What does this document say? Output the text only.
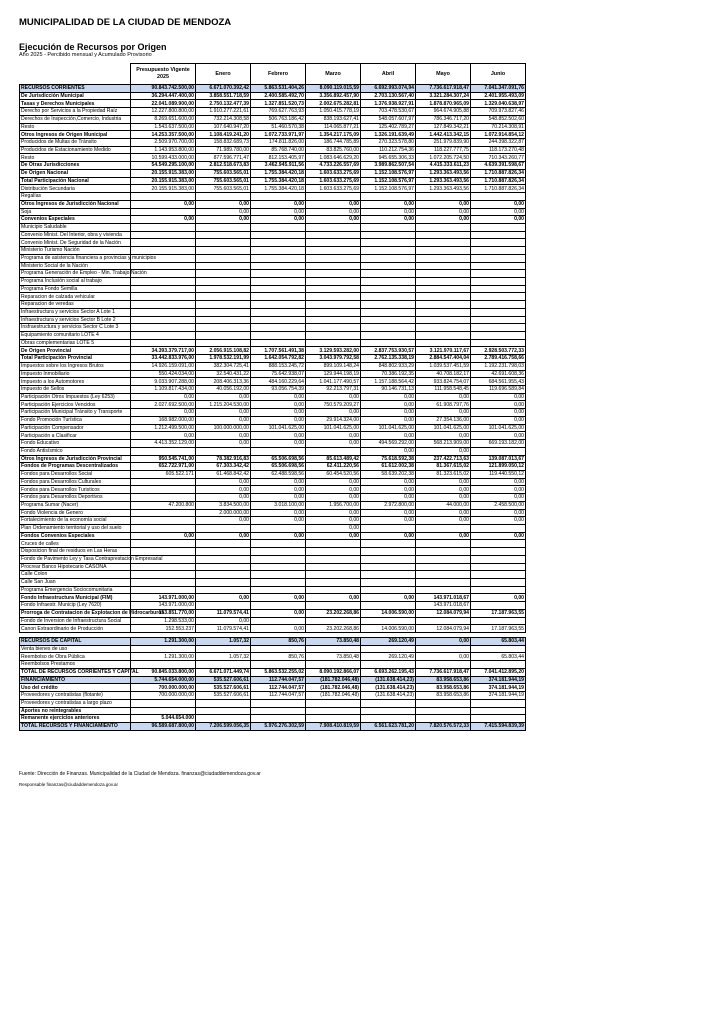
MUNICIPALIDAD DE LA CIUDAD DE MENDOZA
Ejecución de Recursos por Origen
Año 2025 - Percibido mensual y Acumulado Provisorio
	Presupuesto Vigente 2025	Enero	Febrero	Marzo	Abril	Mayo	Junio
RECURSOS CORRIENTES	90.843.742.500,00	6.671.070.392,42	5.863.531.404,26	8.090.119.015,59	6.692.993.074,94	7.736.617.918,47	7.041.347.091,76
De Jurisdicción Municipal	36.294.447.400,00	3.858.551.718,59	2.400.585.492,70	3.356.892.457,90	2.703.130.567,40	3.321.284.307,24	2.401.955.493,09
Tasas y Derechos Municipales	22.041.089.900,00	2.750.132.477,39	1.327.851.520,73	2.002.675.282,81	1.376.938.927,91	1.878.870.965,09	1.329.040.638,97
Derecho por Servicios a la Propiedad Raíz	12.227.800.800,00	1.910.277.221,61	769.627.763,93	1.050.415.778,19	703.478.530,67	964.674.905,88	709.973.827,46
Derechos de Inspección,Comercio, Industria	8.269.651.600,00	732.214.308,58	506.763.186,42	838.193.627,41	548.057.607,97	786.346.717,20	548.852.502,60
Resto	1.543.637.500,00	107.640.947,20	51.460.570,38	114.065.877,21	125.402.789,27	127.849.342,21	70.214.308,91
Otros Ingresos de Origen Municipal	14.253.357.500,00	1.108.419.241,20	1.072.733.971,97	1.354.217.175,09	1.326.191.639,49	1.442.413.342,15	1.072.914.854,12
Producidos de Multas de Tránsito	2.509.970.700,00	158.832.689,73	174.811.826,00	186.744.785,89	270.323.578,80	251.979.839,90	244.398.322,87
Producidos de Estacionamiento Medido	1.143.953.800,00	71.989.780,00	85.768.740,00	83.825.760,00	110.212.754,36	118.227.777,75	118.173.270,48
Resto	10.599.433.000,00	877.596.771,47	812.153.405,97	1.083.646.629,20	945.655.306,33	1.072.205.724,50	710.343.260,77
De Otras Jurisdicciones	54.549.295.100,00	2.812.518.673,83	3.462.945.911,56	4.733.226.557,69	3.989.862.507,54	4.415.333.611,23	4.639.391.598,67
De Origen Nacional	20.155.915.383,00	755.603.565,01	1.755.384.420,18	1.603.633.275,69	1.152.108.576,97	1.293.363.493,56	1.710.887.826,34
Total Participación Nacional	20.155.915.383,00	755.603.565,01	1.755.384.420,18	1.603.633.275,69	1.152.108.576,97	1.293.363.493,56	1.710.887.826,34
Distribución Secundaria	20.155.915.383,00	755.603.565,01	1.755.384.420,18	1.603.633.275,69	1.152.108.576,97	1.293.363.493,56	1.710.887.826,34
Regalías							
Otros Ingresos de Jurisdicción Nacional	0,00	0,00	0,00	0,00	0,00	0,00	0,00
Soja		0,00	0,00	0,00	0,00	0,00	0,00
Convenios Especiales	0,00	0,00	0,00	0,00	0,00	0,00	0,00
Municipio Saludable							
Convenio Minist. Del Interior, obra y vivienda							
Convenio Minist. De Seguridad de la Nación							
Ministerio Turismo Nación							
Programa de asistencia financiera a provincias y municipios							
Ministerio Social de la Nación							
Programa Generación de Empleo - Min. Trabajo Nación							
Programa Inclusión social al trabajo							
Programa Fondo Semilla							
Reparacion de calzada vehicular							
Reparacion de veredas							
Infraestructura y servicios Sector A Lote 1							
Infraestructura y servicios Sector B Lote 2							
Insfraestructura y servicios Sector C Lote 3							
Equipamiento comunitario LOTE 4							
Obras complementarias LOTE 5							
De Origen Provincial	34.393.379.717,00	2.056.915.108,82	1.707.561.491,38	3.129.593.282,00	2.837.753.930,57	3.121.970.117,67	2.928.503.772,33
Total Participación Provincial	33.442.833.976,00	1.978.532.191,99	1.642.054.792,82	3.043.979.792,58	2.762.135.338,19	2.884.547.404,04	2.789.416.758,66
Impuestos sobre los Ingresos Brutos	14.926.159.091,00	382.304.725,41	888.153.245,72	899.109.148,24	848.802.933,29	1.039.537.451,59	1.192.231.798,03
Impuesto Inmobiliario	550.424.034,00	32.540.431,22	75.642.938,07	129.944.198,19	70.386.192,35	40.708.182,17	42.691.608,36
Impuesto a los Automotores	9.033.907.288,00	208.406.313,36	484.160.229,64	1.041.177.490,57	1.157.188.564,42	933.824.754,07	684.561.955,43
Impuesto de Sellos	1.109.817.434,00	40.056.192,00	93.056.754,39	92.213.797,31	90.146.731,13	111.958.548,45	119.696.589,84
Participación Otros Impuestos (Ley 6253)	0,00	0,00	0,00	0,00	0,00	0,00	0,00
Participación Ejercicios Vencidos	2.027.692.500,00	1.215.204.530,00	0,00	750.579.209,27	0,00	61.908.797,76	0,00
Participación Municipal Tránsito y Transporte	0,00	0,00	0,00	0,00	0,00	0,00	0,00
Fondo Promoción Turística	168.982.000,00	0,00	0,00	29.914.324,00	0,00	27.354.136,00	0,00
Participación Compensador	1.212.499.500,00	100.000.000,00	101.041.625,00	101.041.625,00	101.041.625,00	101.041.625,00	101.041.625,00
Participación a Clasificar	0,00	0,00	0,00	0,00	0,00	0,00	0,00
Fondo Educativo	4.413.352.129,00	0,00	0,00	0,00	494.569.292,00	568.213.909,00	669.193.182,00
Fondo Antisísmico					0,00	0,00	
Otros Ingresos de Jurisdicción Provincial	950.545.741,00	78.382.916,83	65.506.698,56	85.613.489,42	75.618.592,38	237.422.713,63	139.087.013,67
Fondos de Programas Descentralizados	652.722.971,00	67.303.342,42	65.506.698,56	62.411.220,56	61.612.002,38	81.367.615,02	121.899.050,12
Fondos para Desarrollos Social	605.522.171	61.468.842,42	62.488.598,56	60.454.520,56	58.639.202,38	81.323.615,02	119.440.550,12
Fondos para Desarrollos Culturales		0,00	0,00	0,00	0,00	0,00	0,00
Fondos para Desarrollos Turisticos		0,00	0,00	0,00	0,00	0,00	0,00
Fondos para Desarrollos Deportivos		0,00	0,00	0,00	0,00	0,00	0,00
Programa Sumar (Nacer)	47.200.800	3.834.500,00	3.018.100,00	1.956.700,00	2.972.800,00	44.000,00	2.458.500,00
Fondo Violencia de Genero		2.000.000,00	0,00	0,00	0,00	0,00	0,00
Fortalecimiento de la economía social		0,00	0,00	0,00	0,00	0,00	0,00
Plan Ordenamiento territorial y uso del suelo				0,00			
Fondos Convenios Especiales	0,00	0,00	0,00	0,00	0,00	0,00	0,00
Cruces de calles							
Disposicion final de residuos en Las Heras							
Fondo de Pavimento Ley y Tasa Contraprestacion Empresarial							
Procrear Banco Hipotecario CASONA							
Calle Colon							
Calle San Juan							
Programa Emergencia Sociocomunitaria							
Fondo Infraestructura Municipal (FIM)	143.971.000,00	0,00	0,00	0,00	0,00	143.971.018,67	0,00
Fondo Infraestr. Municip (Ley 7620)	143.971.000,00					143.971.018,67	
Prorroga de Contratacion de Explotacion de Hidrocarburos	153.851.770,00	11.079.574,41	0,00	23.202.268,86	14.006.590,00	12.084.079,94	17.187.963,55
Fondo de Inversion de Infraestructura Social	1.298.533,00	0,00					
Canon Extraordinario de Producción	152.553.237	11.079.574,41	0,00	23.202.268,86	14.006.590,00	12.084.079,94	17.187.963,55

RECURSOS DE CAPITAL	1.291.300,00	1.057,32	850,76	73.850,48	269.120,49	0,00	65.803,44
Venta bienes de uso							
Reembolso de Obra Pública	1.291.300,00	1.057,32	850,76	73.850,48	269.120,49	0,00	65.803,44
Reembolsos Prestamos							
TOTAL DE RECURSOS CORRIENTES Y CAPITAL	90.845.033.800,00	6.671.071.449,74	5.863.532.255,02	8.090.192.866,07	6.693.262.195,43	7.736.617.918,47	7.041.412.895,20
FINANCIAMIENTO	5.744.654.000,00	535.527.606,61	112.744.047,57	(181.782.046,48)	(131.638.414,23)	83.958.653,86	374.181.944,19
Uso del crédito	700.000.000,00	535.527.606,61	112.744.047,57	(181.782.046,48)	(131.638.414,23)	83.958.653,86	374.181.944,19
Proveedores y contratistas (flotante)	700.000.000,00	535.527.606,61	112.744.047,57	(181.782.046,48)	(131.638.414,23)	83.958.653,86	374.181.944,19
Proveedores y contratistas a largo plazo							
Aportes no reintegrables							
Remanente ejercicios anteriores	5.044.654.000						
TOTAL RECURSOS Y FINANCIAMIENTO	96.589.687.800,00	7.206.599.056,35	5.976.276.302,59	7.908.410.819,59	6.561.623.781,20	7.820.576.572,33	7.415.594.839,39
Fuente: Dirección de Finanzas. Municipalidad de la Ciudad de Mendoza. finanzas@ciudaddemendoza.gov.ar
Responsable finanzas@ciudaddemendoza.gov.ar
